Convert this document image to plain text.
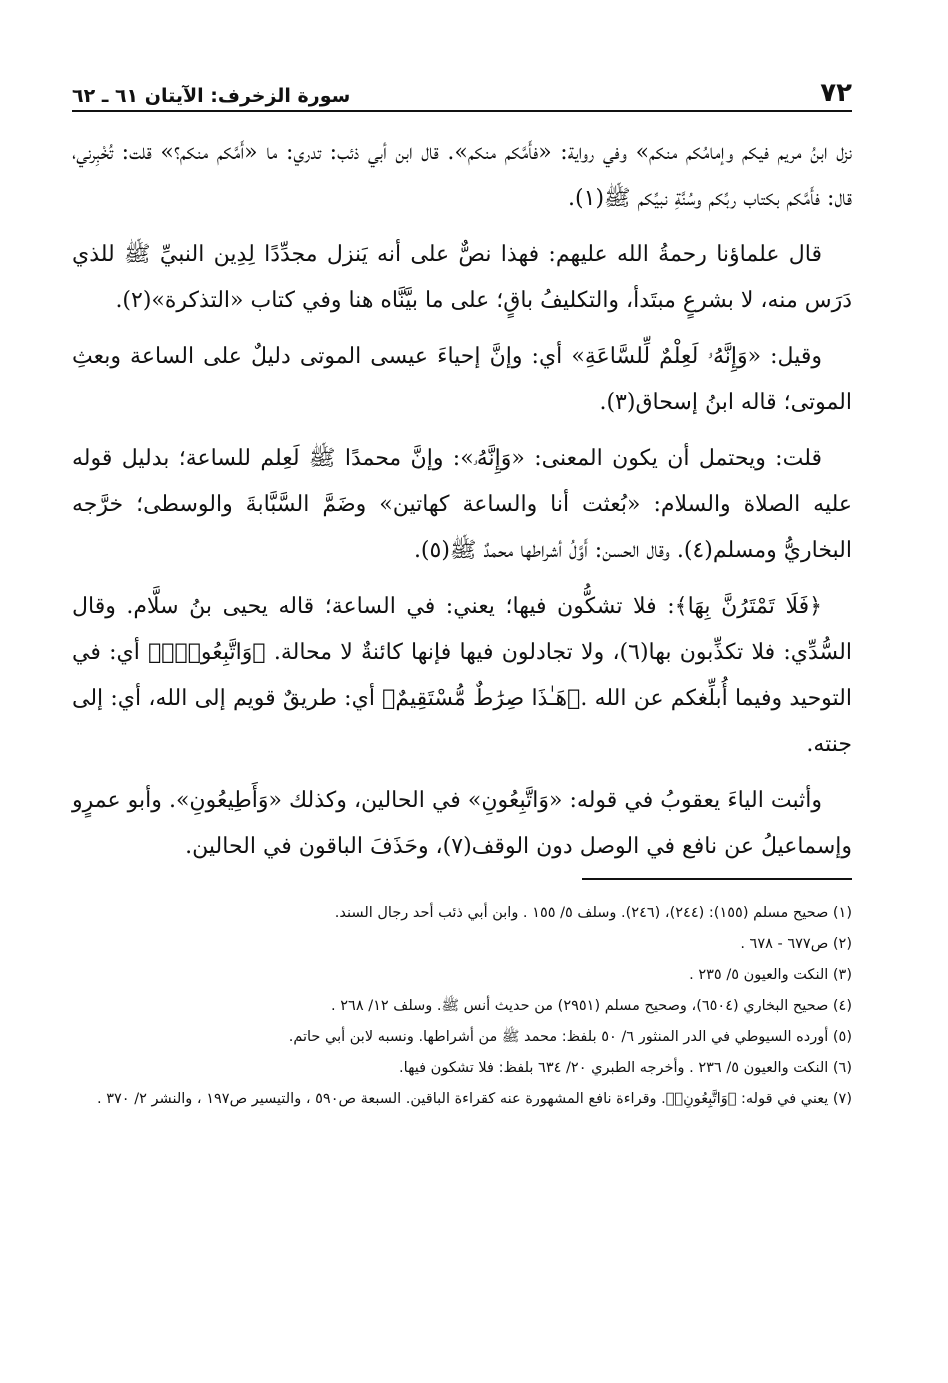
٧٢
سورة الزخرف: الآيتان ٦١ ـ ٦٢

نزل ابنُ مريم فيكم وإمامُكم منكم» وفي رواية: «فأَمَّكم منكم». قال ابن أبي ذئب: تدري: ما «أَمَّكم منكم؟» قلت: تُخْبِرني، قال: فأَمَّكم بكتاب ربِّكم وسُنَّةِ نبيِّكم ﷺ(١).

قال علماؤنا رحمةُ الله عليهم: فهذا نصٌّ على أنه يَنزل مجدِّدًا لِدِين النبيِّ ﷺ للذي دَرَس منه، لا بشرعٍ مبتَدأ، والتكليفُ باقٍ؛ على ما بيَّنَّاه هنا وفي كتاب «التذكرة»(٢).

وقيل: «وَإِنَّهُۥ لَعِلْمٌ لِّلسَّاعَةِ» أي: وإنَّ إحياءَ عيسى الموتى دليلٌ على الساعة وبعثِ الموتى؛ قاله ابنُ إسحاق(٣).

قلت: ويحتمل أن يكون المعنى: «وَإِنَّهُۥ»: وإنَّ محمدًا ﷺ لَعِلم للساعة؛ بدليل قوله عليه الصلاة والسلام: «بُعثت أنا والساعة كهاتين» وضَمَّ السَّبَّابةَ والوسطى؛ خرَّجه البخاريُّ ومسلم(٤). وقال الحسن: أَوَّلُ أشراطها محمدٌ ﷺ(٥).

﴿فَلَا تَمْتَرُنَّ بِهَا﴾: فلا تشكُّون فيها؛ يعني: في الساعة؛ قاله يحيى بنُ سلَّام. وقال السُّدِّي: فلا تكذِّبون بها(٦)، ولا تجادلون فيها فإنها كائنةٌ لا محالة. ﴿وَاتَّبِعُونِۚ﴾ أي: في التوحيد وفيما أُبلِّغكم عن الله .﴿هَـٰذَا صِرَٰطٌ مُّسْتَقِيمٌ﴾ أي: طريقٌ قويم إلى الله، أي: إلى جنته.

وأثبت الياءَ يعقوبُ في قوله: «وَاتَّبِعُونِ» في الحالين، وكذلك «وَأَطِيعُونِ». وأبو عمرٍو وإسماعيلُ عن نافع في الوصل دون الوقف(٧)، وحَذَفَ الباقون في الحالين.

(١) صحيح مسلم (١٥٥): (٢٤٤)، (٢٤٦). وسلف ٥/ ١٥٥ . وابن أبي ذئب أحد رجال السند.

(٢) ص٦٧٧ - ٦٧٨ .

(٣) النكت والعيون ٥/ ٢٣٥ .

(٤) صحيح البخاري (٦٥٠٤)، وصحيح مسلم (٢٩٥١) من حديث أنس ﷺ. وسلف ١٢/ ٢٦٨ .

(٥) أورده السيوطي في الدر المنثور ٦/ ٥٠ بلفظ: محمد ﷺ من أشراطها. ونسبه لابن أبي حاتم.

(٦) النكت والعيون ٥/ ٢٣٦ . وأخرجه الطبري ٢٠/ ٦٣٤ بلفظ: فلا تشكون فيها.

(٧) يعني في قوله: ﴿وَاتَّبِعُونِۚ﴾. وقراءة نافع المشهورة عنه كقراءة الباقين. السبعة ص٥٩٠ ، والتيسير ص١٩٧ ، والنشر ٢/ ٣٧٠ .
